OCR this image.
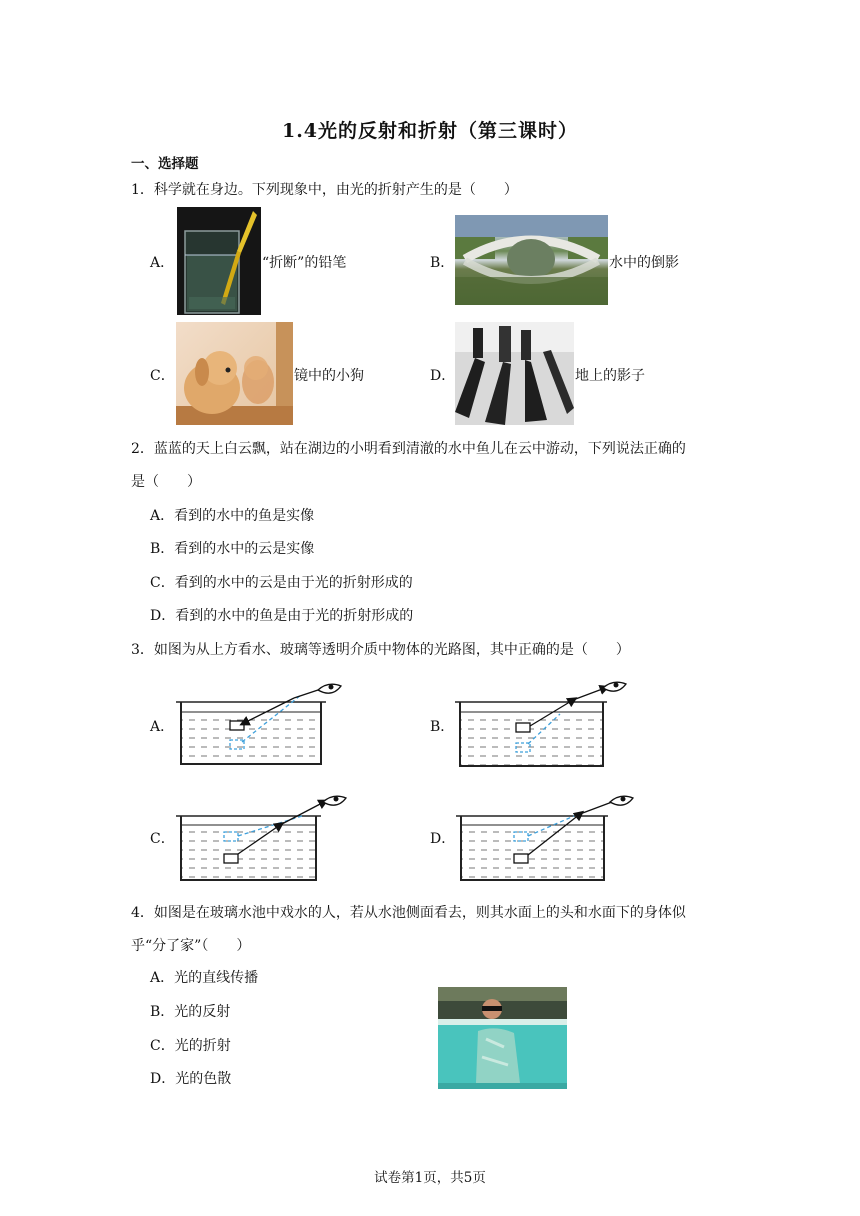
1.4光的反射和折射（第三课时）
一、选择题
1．科学就在身边。下列现象中，由光的折射产生的是（　　）
A．	“折断”的铅笔	B．	水中的倒影
C．	镜中的小狗	D．	地上的影子
2．蓝蓝的天上白云飘，站在湖边的小明看到清澈的水中鱼儿在云中游动，下列说法正确的
是（　　）
A．看到的水中的鱼是实像
B．看到的水中的云是实像
C．看到的水中的云是由于光的折射形成的
D．看到的水中的鱼是由于光的折射形成的
3．如图为从上方看水、玻璃等透明介质中物体的光路图，其中正确的是（　　）
A．	B．
C．	D．
4．如图是在玻璃水池中戏水的人，若从水池侧面看去，则其水面上的头和水面下的身体似
乎“分了家”（　　）
A．光的直线传播
B．光的反射
C．光的折射
D．光的色散
试卷第1页，共5页
